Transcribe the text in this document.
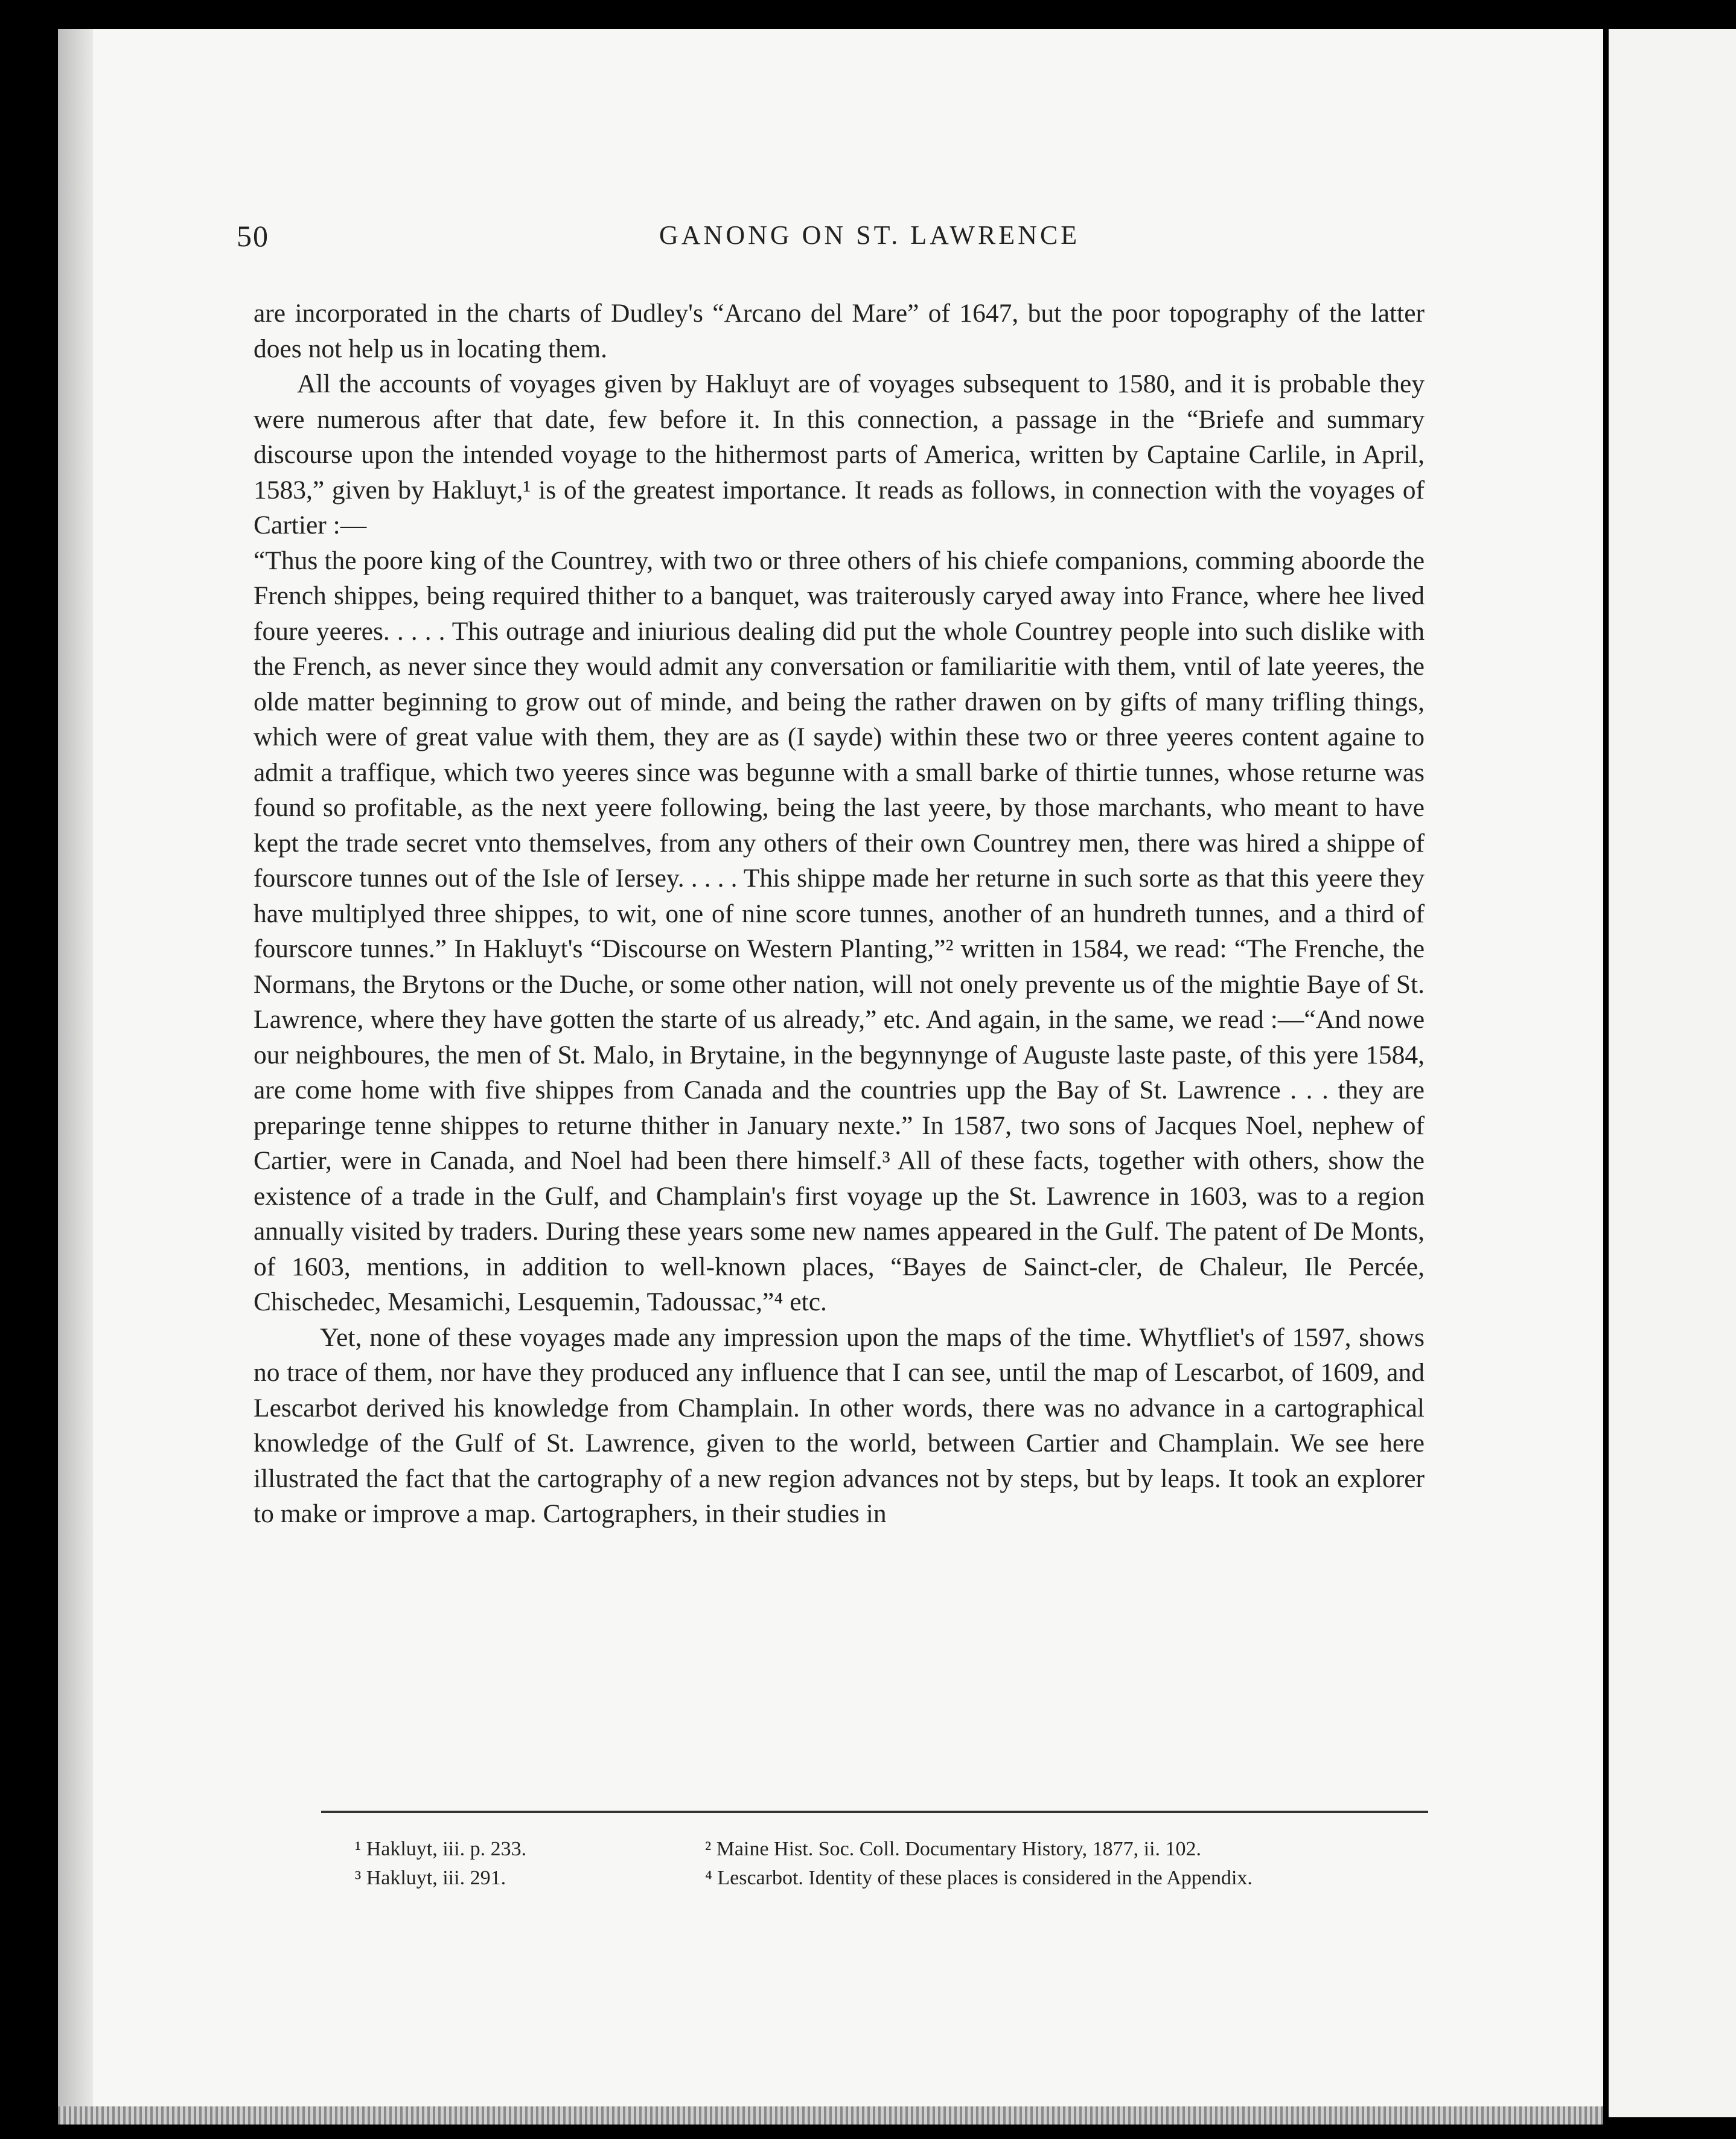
50	GANONG ON ST. LAWRENCE

are incorporated in the charts of Dudley's “Arcano del Mare” of 1647, but the poor topography of the latter does not help us in locating them.

All the accounts of voyages given by Hakluyt are of voyages subsequent to 1580, and it is probable they were numerous after that date, few before it. In this connection, a passage in the “Briefe and summary discourse upon the intended voyage to the hithermost parts of America, written by Captaine Carlile, in April, 1583,” given by Hakluyt,¹ is of the greatest importance. It reads as follows, in connection with the voyages of Cartier :—

“Thus the poore king of the Countrey, with two or three others of his chiefe companions, comming aboorde the French shippes, being required thither to a banquet, was traiterously caryed away into France, where hee lived foure yeeres. . . . . This outrage and iniurious dealing did put the whole Countrey people into such dislike with the French, as never since they would admit any conversation or familiaritie with them, vntil of late yeeres, the olde matter beginning to grow out of minde, and being the rather drawen on by gifts of many trifling things, which were of great value with them, they are as (I sayde) within these two or three yeeres content againe to admit a traffique, which two yeeres since was begunne with a small barke of thirtie tunnes, whose returne was found so profitable, as the next yeere following, being the last yeere, by those marchants, who meant to have kept the trade secret vnto themselves, from any others of their own Countrey men, there was hired a shippe of fourscore tunnes out of the Isle of Iersey. . . . . This shippe made her returne in such sorte as that this yeere they have multiplyed three shippes, to wit, one of nine score tunnes, another of an hundreth tunnes, and a third of fourscore tunnes.” In Hakluyt's “Discourse on Western Planting,”² written in 1584, we read: “The Frenche, the Normans, the Brytons or the Duche, or some other nation, will not onely prevente us of the mightie Baye of St. Lawrence, where they have gotten the starte of us already,” etc. And again, in the same, we read :—“And nowe our neighboures, the men of St. Malo, in Brytaine, in the begynnynge of Auguste laste paste, of this yere 1584, are come home with five shippes from Canada and the countries upp the Bay of St. Lawrence . . . they are preparinge tenne shippes to returne thither in January nexte.” In 1587, two sons of Jacques Noel, nephew of Cartier, were in Canada, and Noel had been there himself.³ All of these facts, together with others, show the existence of a trade in the Gulf, and Champlain's first voyage up the St. Lawrence in 1603, was to a region annually visited by traders. During these years some new names appeared in the Gulf. The patent of De Monts, of 1603, mentions, in addition to well-known places, “Bayes de Sainct-cler, de Chaleur, Ile Percée, Chischedec, Mesamichi, Lesquemin, Tadoussac,”⁴ etc.

Yet, none of these voyages made any impression upon the maps of the time. Whytfliet's of 1597, shows no trace of them, nor have they produced any influence that I can see, until the map of Lescarbot, of 1609, and Lescarbot derived his knowledge from Champlain. In other words, there was no advance in a cartographical knowledge of the Gulf of St. Lawrence, given to the world, between Cartier and Champlain. We see here illustrated the fact that the cartography of a new region advances not by steps, but by leaps. It took an explorer to make or improve a map. Cartographers, in their studies in

¹ Hakluyt, iii. p. 233.	² Maine Hist. Soc. Coll. Documentary History, 1877, ii. 102.
³ Hakluyt, iii. 291.	⁴ Lescarbot. Identity of these places is considered in the Appendix.
